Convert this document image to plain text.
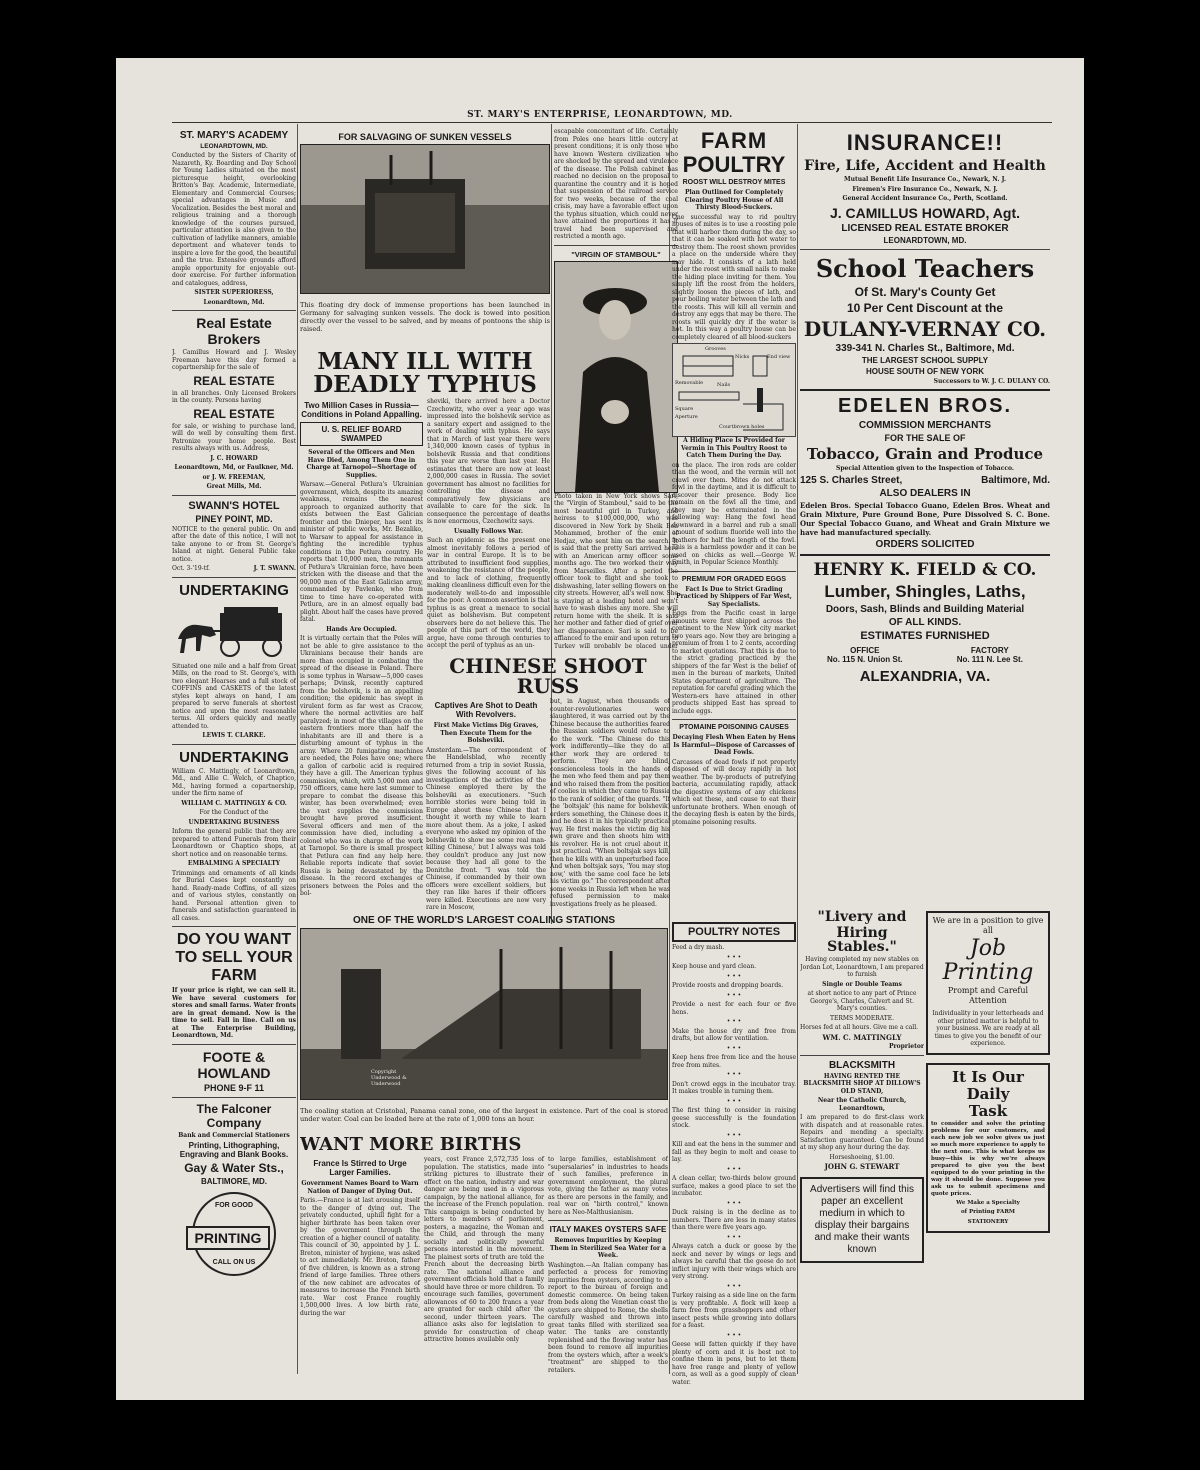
ST. MARY'S ENTERPRISE, LEONARDTOWN, MD.
ST. MARY'S ACADEMY
LEONARDTOWN, MD.

Conducted by the Sisters of Charity of Nazareth, Ky. Boarding and Day School for Young Ladies situated on the most picturesque height, overlooking Britton's Bay. Academic, Intermediate, Elementary and Commercial Courses; special advantages in Music and Vocalization. Besides the best moral and religious training and a thorough knowledge of the courses pursued, particular attention is also given to the cultivation of ladylike manners, amiable deportment and whatever tends to inspire a love for the good, the beautiful and the true. Extensive grounds afford ample opportunity for enjoyable out-door exercise. For further information and catalogues, address,

SISTER SUPERIORESS,
Leonardtown, Md.
Real Estate Brokers

J. Camillus Howard and J. Wesley Freeman have this day formed a copartnership for the sale of

REAL ESTATE

in all branches. Only Licensed Brokers in the county. Persons having

REAL ESTATE

for sale, or wishing to purchase land, will do well by consulting them first. Patronize your home people. Best results always with us. Address,

J. C. HOWARD
Leonardtown, Md, or Faulkner, Md.
or J. W. FREEMAN,
Great Mills, Md.
SWANN'S HOTEL
PINEY POINT, MD.

NOTICE to the general public. On and after the date of this notice, I will not take anyone to or from St. George's Island at night. General Public take notice.

Oct. 3-'19-tf.	J. T. SWANN.
UNDERTAKING

Situated one mile and a half from Great Mills, on the road to St. George's, with two elegant Hearses and a full stock of COFFINS and CASKETS of the latest styles kept always on hand, I am prepared to serve funerals at shortest notice and upon the most reasonable terms. All orders quickly and neatly attended to.

LEWIS T. CLARKE.
UNDERTAKING

William C. Mattingly, of Leonardtown, Md., and Allie C. Welch, of Chaptico, Md., having formed a copartnership, under the firm name of

WILLIAM C. MATTINGLY & CO.
For the Conduct of the
UNDERTAKING BUSINESS

Inform the general public that they are prepared to attend Funerals from their Leonardtown or Chaptico shops, at short notice and on reasonable terms.

EMBALMING A SPECIALTY

Trimmings and ornaments of all kinds for Burial Cases kept constantly on hand. Ready-made Coffins, of all sizes and of various styles, constantly on hand. Personal attention given to funerals and satisfaction guaranteed in all cases.

DO YOU WANT TO SELL YOUR FARM

If your price is right, we can sell it. We have several customers for stores and small farms. Water fronts are in great demand. Now is the time to sell. Fall in line. Call on us at The Enterprise Building, Leonardtown, Md.

FOOTE & HOWLAND
PHONE 9-F 11
The Falconer Company
Bank and Commercial Stationers
Printing, Lithographing, Engraving and Blank Books.
Gay & Water Sts.,
BALTIMORE, MD.
FOR GOOD
PRINTING
CALL ON US
FOR SALVAGING OF SUNKEN VESSELS

This floating dry dock of immense proportions has been launched in Germany for salvaging sunken vessels. The dock is towed into position directly over the vessel to be salved, and by means of pontoons the ship is raised.

MANY ILL WITH DEADLY TYPHUS
Two Million Cases in Russia—Conditions in Poland Appalling.
U. S. RELIEF BOARD SWAMPED
Several of the Officers and Men Have Died, Among Them One in Charge at Tarnopol—Shortage of Supplies.

Warsaw.—General Petlura's Ukrainian government, which, despite its amazing weakness, remains the nearest approach to organized authority that exists between the East Galician frontier and the Dnieper, has sent its minister of public works, Mr. Bezaliko, to Warsaw to appeal for assistance in fighting the incredible typhus conditions in the Petlura country. He reports that 10,000 men, the remnants of Petlura's Ukrainian force, have been stricken with the disease and that the 90,000 men of the East Galician army, commanded by Pavlenko, who from time to time have co-operated with Petlura, are in an almost equally bad plight. About half the cases have proved fatal.

Hands Are Occupied.

It is virtually certain that the Poles will not be able to give assistance to the Ukrainians because their hands are more than occupied in combating the spread of the disease in Poland. There is some typhus in Warsaw—5,000 cases perhaps; Dvinsk, recently captured from the bolshevik, is in an appalling condition; the epidemic has swept in virulent form as far west as Cracow, where the normal activities are half paralyzed; in most of the villages on the eastern frontiers more than half the inhabitants are ill and there is a disturbing amount of typhus in the army. Where 20 fumigating machines are needed, the Poles have one; where a gallon of carbolic acid is required they have a gill. The American typhus commission, which, with 5,000 men and 750 officers, came here last summer to prepare to combat the disease this winter, has been overwhelmed; even the vast supplies the commission brought have proved insufficient. Several officers and men of the commission have died, including a colonel who was in charge of the work at Tarnopol. So there is small prospect that Petlura can find any help here. Reliable reports indicate that soviet Russia is being devastated by the disease. In the record exchanges of prisoners between the Poles and the bol-

sheviki, there arrived here a Doctor Czechowitz, who over a year ago was impressed into the bolshevik service as a sanitary expert and assigned to the work of dealing with typhus. He says that in March of last year there were 1,340,000 known cases of typhus in bolshevik Russia and that conditions this year are worse than last year. He estimates that there are now at least 2,000,000 cases in Russia. The soviet government has almost no facilities for controlling the disease and comparatively few physicians are available to care for the sick. In consequence the percentage of deaths is now enormous, Czechowitz says.

Usually Follows War.

Such an epidemic as the present one almost inevitably follows a period of war in central Europe. It is to be attributed to insufficient food supplies, weakening the resistance of the people, and to lack of clothing, frequently making cleanliness difficult even for the moderately well-to-do and impossible for the poor. A common assertion is that typhus is as great a menace to social quiet as bolshevism. But competent observers here do not believe this. The people of this part of the world, they argue, have come through centuries to accept the peril of typhus as an un-

escapable concomitant of life. Certainly from Poles one hears little outcry at present conditions; it is only those who have known Western civilization who are shocked by the spread and virulence of the disease. The Polish cabinet has reached no decision on the proposal to quarantine the country and it is hoped that suspension of the railroad service for two weeks, because of the coal crisis, may have a favorable effect upon the typhus situation, which could never have attained the proportions it has if travel had been supervised and restricted a month ago.

"VIRGIN OF STAMBOUL"

Photo taken in New York shows Sari, the "Virgin of Stamboul," said to be the most beautiful girl in Turkey, and heiress to $100,000,000, who was discovered in New York by Sheik Ben Mohammed, brother of the emir of Hedjaz, who sent him on the search. It is said that the pretty Sari arrived here with an American army officer some months ago. The two worked their way from Marseilles. After a period the officer took to flight and she took to dishwashing, later selling flowers on the city streets. However, all's well now. She is staying at a leading hotel and won't have to wash dishes any more. She will return home with the sheik. It is said her mother and father died of grief over her disappearance. Sari is said to be affianced to the emir and upon return to Turkey will probably be placed under

CHINESE SHOOT RUSS
Captives Are Shot to Death With Revolvers.
First Make Victims Dig Graves, Then Execute Them for the Bolsheviki.

Amsterdam.—The correspondent of the Handelsblad, who recently returned from a trip in soviet Russia, gives the following account of his investigations of the activities of the Chinese employed there by the bolsheviki as executioners. "Such horrible stories were being told in Europe about these Chinese that I thought it worth my while to learn more about them. As a joke, I asked everyone who asked my opinion of the bolsheviki to show me some real man-killing Chinese,' but I always was told they couldn't produce any just now because they had all gone to the Donitche front. "I was told the Chinese, if commanded by their own officers were excellent soldiers, but they ran like hares if their officers were killed. Executions are now very rare in Moscow,

but, in August, when thousands of counter-revolutionaries were slaughtered, it was carried out by the Chinese because the authorities feared the Russian soldiers would refuse to do the work. "The Chinese do this work indifferently—like they do all other work they are ordered to perform. They are blind, conscienceless tools in the hands of the men who feed them and pay them and who raised them from the position of coolies in which they came to Russia to the rank of soldier, of the guards. "If the 'boltsjak' (his name for bolshevik) orders something, the Chinese does it, and he does it in his typically practical way. He first makes the victim dig his own grave and then shoots him with his revolver. He is not cruel about it, just practical. "When boltsjak says kill, then he kills with an unperturbed face. And when boltsjak says, 'You may stop now,' with the same cool face he lets his victim go." The correspondent after some weeks in Russia left when he was refused permission to make investigations freely as he pleased.

ONE OF THE WORLD'S LARGEST COALING STATIONS
Copyright
Underwood &
Underwood

The coaling station at Cristobal, Panama canal zone, one of the largest in existence. Part of the coal is stored under water. Coal can be loaded here at the rate of 1,000 tons an hour.

WANT MORE BIRTHS
France Is Stirred to Urge Larger Families.
Government Names Board to Warn Nation of Danger of Dying Out.

Paris.—France is at last arousing itself to the danger of dying out. The privately conducted, uphill fight for a higher birthrate has been taken over by the government through the creation of a higher council of natality. This council of 30, appointed by J. L. Breton, minister of hygiene, was asked to act immediately. Mr. Breton, father of five children, is known as a strong friend of large families. Three others of the new cabinet are advocates of measures to increase the French birth rate. War cost France roughly 1,500,000 lives. A low birth rate, during the war

years, cost France 2,572,735 loss of population. The statistics, made into striking pictures to illustrate their effect on the nation, industry and war danger are being used in a vigorous campaign, by the national alliance, for the increase of the French population. This campaign is being conducted by letters to members of parliament, posters, a magazine, the Woman and the Child, and through the many socially and politically powerful persons interested in the movement. The plainest sorts of truth are told the French about the decreasing birth rate. The national alliance and government officials hold that a family should have three or more children. To encourage such families, government allowances of 60 to 200 francs a year are granted for each child after the second, under thirteen years. The alliance asks also for legislation to provide for construction of cheap attractive homes available only

to large families, establishment of "supersalaries" in industries to heads of such families, preference in government employment, the plural vote, giving the father as many votes as there are persons in the family, and real war on "birth control," known here as Neo-Malthusianism.

ITALY MAKES OYSTERS SAFE
Removes Impurities by Keeping Them in Sterilized Sea Water for a Week.

Washington.—An Italian company has perfected a process for removing impurities from oysters, according to a report to the bureau of foreign and domestic commerce. On being taken from beds along the Venetian coast the oysters are shipped to Rome, the shells carefully washed and thrown into great tanks filled with sterilized sea water. The tanks are constantly replenished and the flowing water has been found to remove all impurities from the oysters which, after a week's "treatment" are shipped to the retailers.

FARM
POULTRY
ROOST WILL DESTROY MITES
Plan Outlined for Completely Clearing Poultry House of All Thirsty Blood-Suckers.

One successful way to rid poultry houses of mites is to use a roosting pole that will harbor them during the day, so that it can be soaked with hot water to destroy them. The roost shown provides a place on the underside where they may hide. It consists of a lath held under the roost with small nails to make the hiding place inviting for them. You simply lift the roost from the holders, slightly loosen the pieces of lath, and pour boiling water between the lath and the roosts. This will kill all vermin and destroy any eggs that may be there. The roosts will quickly dry if the water is hot. In this way a poultry house can be completely cleared of all blood-suckers

Grooves
Nicks	End view
Removable	Nails
Square Aperture
Courtbrown holes
A Hiding Place Is Provided for Vermin in This Poultry Roost to Catch Them During the Day.

on the place. The iron rods are colder than the wood, and the vermin will not crawl over them. Mites do not attack fowl in the daytime, and it is difficult to discover their presence. Body lice remain on the fowl all the time, and they may be exterminated in the following way: Hang the fowl head downward in a barrel and rub a small amount of sodium fluoride well into the feathers for half the length of the fowl. This is a harmless powder and it can be used on chicks as well.—George W. Smith, in Popular Science Monthly.

PREMIUM FOR GRADED EGGS
Fact Is Due to Strict Grading Practiced by Shippers of Far West, Say Specialists.

Eggs from the Pacific coast in large amounts were first shipped across the continent to the New York city market two years ago. Now they are bringing a premium of from 1 to 2 cents, according to market quotations. That this is due to the strict grading practiced by the shippers of the far West is the belief of men in the bureau of markets, United States department of agriculture. The reputation for careful grading which the Western-ers have attained in other products shipped East has spread to include eggs.

PTOMAINE POISONING CAUSES
Decaying Flesh When Eaten by Hens Is Harmful—Dispose of Carcasses of Dead Fowls.

Carcasses of dead fowls if not properly disposed of will decay rapidly in hot weather. The by-products of putrefying bacteria, accumulating rapidly, attack the digestive systems of any chickens which eat these, and cause to eat their unfortunate brothers. When enough of the decaying flesh is eaten by the birds, ptomaine poisoning results.

POULTRY NOTES

Feed a dry mash.

• • •

Keep house and yard clean.

• • •

Provide roosts and dropping boards.

• • •

Provide a nest for each four or five hens.

• • •

Make the house dry and free from drafts, but allow for ventilation.

• • •

Keep hens free from lice and the house free from mites.

• • •

Don't crowd eggs in the incubator tray. It makes trouble in turning them.

• • •

The first thing to consider in raising geese successfully is the foundation stock.

• • •

Kill and eat the hens in the summer and fall as they begin to molt and cease to lay.

• • •

A clean cellar, two-thirds below ground surface, makes a good place to set the incubator.

• • •

Duck raising is in the decline as to numbers. There are less in many states than there were five years ago.

• • •

Always catch a duck or goose by the neck and never by wings or legs and always be careful that the geese do not inflict injury with their wings which are very strong.

• • •

Turkey raising as a side line on the farm is very profitable. A flock will keep a farm free from grasshoppers and other insect pests while growing into dollars for a feast.

• • •

Geese will fatten quickly if they have plenty of corn and it is best not to confine them in pens, but to let them have free range and plenty of yellow corn, as well as a good supply of clean water.

INSURANCE!!
Fire, Life, Accident and Health
Mutual Benefit Life Insurance Co., Newark, N. J.
Firemen's Fire Insurance Co., Newark, N. J.
General Accident Insurance Co., Perth, Scotland.
J. CAMILLUS HOWARD, Agt.
LICENSED REAL ESTATE BROKER
LEONARDTOWN, MD.
School Teachers
Of St. Mary's County Get
10 Per Cent Discount at the
DULANY-VERNAY CO.
339-341 N. Charles St., Baltimore, Md.
THE LARGEST SCHOOL SUPPLY
HOUSE SOUTH OF NEW YORK
Successors to W. J. C. DULANY CO.
EDELEN BROS.
COMMISSION MERCHANTS
FOR THE SALE OF
Tobacco, Grain and Produce
Special Attention given to the Inspection of Tobacco.
125 S. Charles Street,	Baltimore, Md.
ALSO DEALERS IN

Edelen Bros. Special Tobacco Guano, Edelen Bros. Wheat and Grain Mixture, Pure Ground Bone, Pure Dissolved S. C. Bone. Our Special Tobacco Guano, and Wheat and Grain Mixture we have had manufactured specially.

ORDERS SOLICITED
HENRY K. FIELD & CO.
Lumber, Shingles, Laths,
Doors, Sash, Blinds and Building Material
OF ALL KINDS.
ESTIMATES FURNISHED
OFFICE
No. 115 N. Union St.
FACTORY
No. 111 N. Lee St.
ALEXANDRIA, VA.
"Livery and
Hiring Stables."

Having completed my new stables on Jordan Lot, Leonardtown, I am prepared to furnish

Single or Double Teams

at short notice to any part of Prince George's, Charles, Calvert and St. Mary's counties.

TERMS MODERATE.

Horses fed at all hours. Give me a call.

WM. C. MATTINGLY
Proprietor
BLACKSMITH

HAVING RENTED THE BLACKSMITH SHOP AT DILLOW'S OLD STAND,

Near the Catholic Church, Leonardtown,

I am prepared to do first-class work with dispatch and at reasonable rates. Repairs and mending a specialty. Satisfaction guaranteed. Can be found at my shop any hour during the day.

Horseshoeing, $1.00.
JOHN G. STEWART

Advertisers will find this paper an excellent medium in which to display their bargains and make their wants known

We are in a position to give all
Job
Printing
Prompt and Careful Attention

Individuality in your letterheads and other printed matter is helpful to your business. We are ready at all times to give you the benefit of our experience.

It Is Our
Daily
Task

to consider and solve the printing problems for our customers, and each new job we solve gives us just so much more experience to apply to the next one. This is what keeps us busy—this is why we're always prepared to give you the best equipped to do your printing in the way it should be done. Suppose you ask us to submit specimens and quote prices.

We Make a Specialty
of Printing FARM
STATIONERY
